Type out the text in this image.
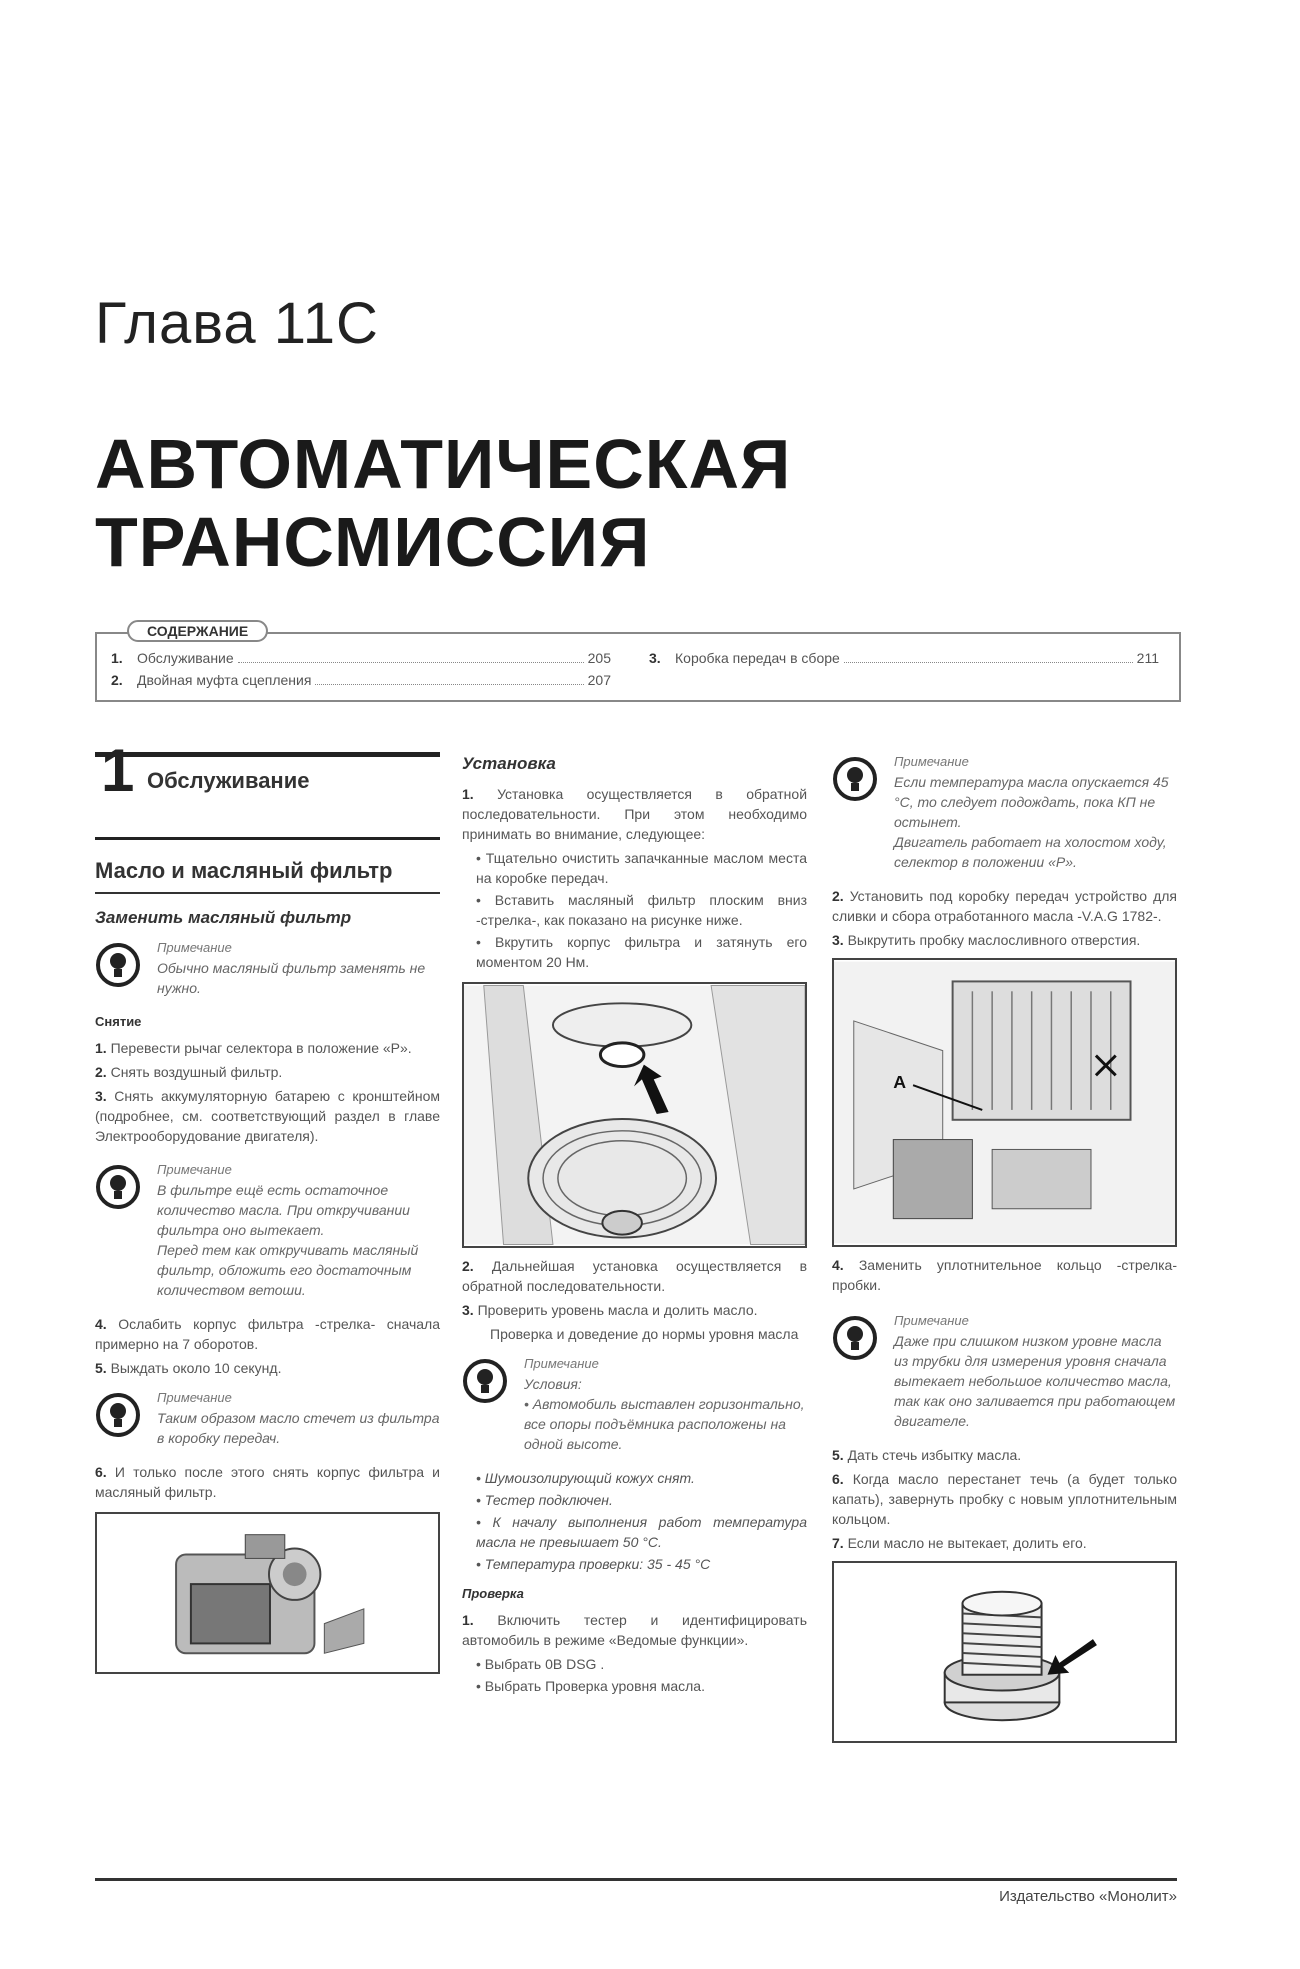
Глава 11С
АВТОМАТИЧЕСКАЯ
ТРАНСМИССИЯ
СОДЕРЖАНИЕ
1.	Обслуживание	205
2.	Двойная муфта сцепления	207
3.	Коробка передач в сборе	211
1 Обслуживание
Масло и масляный фильтр
Заменить масляный фильтр
Примечание

Обычно масляный фильтр заменять не нужно.

Снятие

1. Перевести рычаг селектора в положение «P».

2. Снять воздушный фильтр.

3. Снять аккумуляторную батарею с кронштейном (подробнее, см. соответствующий раздел в главе Электрооборудование двигателя).

Примечание

В фильтре ещё есть остаточное количество масла. При откручивании фильтра оно вытекает.

Перед тем как откручивать масляный фильтр, обложить его достаточным количеством ветоши.

4. Ослабить корпус фильтра -стрелка- сначала примерно на 7 оборотов.

5. Выждать около 10 секунд.

Примечание

Таким образом масло стечет из фильтра в коробку передач.

6. И только после этого снять корпус фильтра и масляный фильтр.

Установка

1. Установка осуществляется в обратной последовательности. При этом необходимо принимать во внимание, следующее:

• Тщательно очистить запачканные маслом места на коробке передач.

• Вставить масляный фильтр плоским вниз -стрелка-, как показано на рисунке ниже.

• Вкрутить корпус фильтра и затянуть его моментом 20 Нм.

2. Дальнейшая установка осуществляется в обратной последовательности.

3. Проверить уровень масла и долить масло.

Проверка и доведение до нормы уровня масла

Примечание

Условия:

• Автомобиль выставлен горизонтально, все опоры подъёмника расположены на одной высоте.

• Шумоизолирующий кожух снят.

• Тестер подключен.

• К началу выполнения работ температура масла не превышает 50 °С.

• Температура проверки: 35 - 45 °С

Проверка

1. Включить тестер и идентифицировать автомобиль в режиме «Ведомые функции».

• Выбрать 0В DSG .

• Выбрать Проверка уровня масла.

Примечание

Если температура масла опускается 45 °С, то следует подождать, пока КП не остынет.

Двигатель работает на холостом ходу, селектор в положении «P».

2. Установить под коробку передач устройство для сливки и сбора отработанного масла -V.A.G 1782-.

3. Выкрутить пробку маслосливного отверстия.

A

4. Заменить уплотнительное кольцо -стрелка- пробки.

Примечание

Даже при слишком низком уровне масла из трубки для измерения уровня сначала вытекает небольшое количество масла, так как оно заливается при работающем двигателе.

5. Дать стечь избытку масла.

6. Когда масло перестанет течь (а будет только капать), завернуть пробку с новым уплотнительным кольцом.

7. Если масло не вытекает, долить его.

Издательство «Монолит»
